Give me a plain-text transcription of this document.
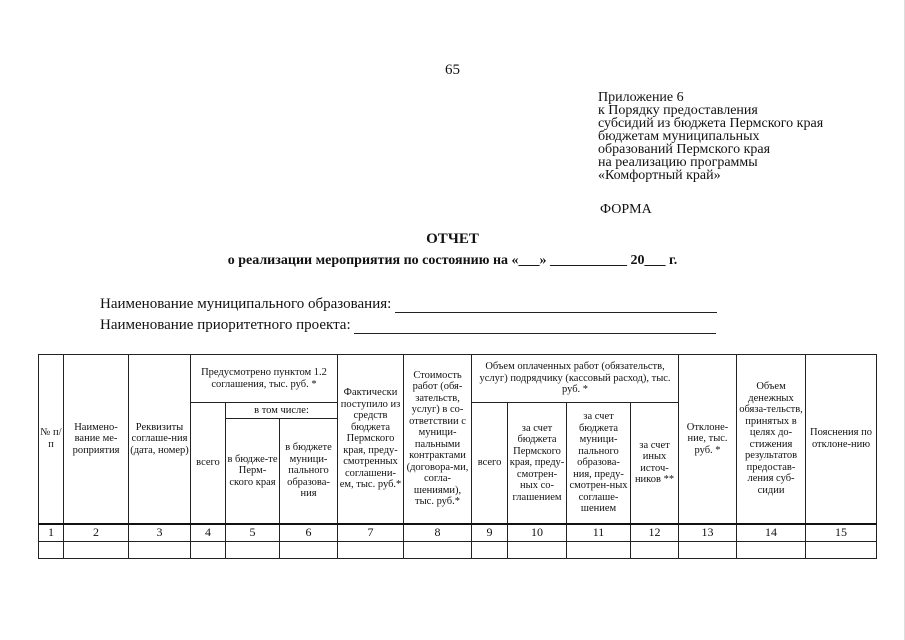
65
Приложение 6
к Порядку предоставления
субсидий из бюджета Пермского края
бюджетам муниципальных
образований Пермского края
на реализацию программы
«Комфортный край»
ФОРМА
ОТЧЕТ
о реализации мероприятия по состоянию на «___» ___________ 20___ г.
Наименование муниципального образования:
Наименование приоритетного проекта:
№ п/п	Наимено-вание ме-роприятия	Реквизиты соглаше-ния (дата, номер)	Предусмотрено пунктом 1.2 соглашения, тыс. руб. *			Фактически поступило из средств бюджета Пермского края, преду-смотренных соглашени-ем, тыс. руб.*	Стоимость работ (обя-зательств, услуг) в со-ответствии с муници-пальными контрактами (договора-ми, согла-шениями), тыс. руб.*	Объем оплаченных работ (обязательств, услуг) подрядчику (кассовый расход), тыс. руб. *				Отклоне-ние, тыс. руб. *	Объем денежных обяза-тельств, принятых в целях до-стижения результатов предостав-ления суб-сидии	Пояснения по отклоне-нию
			всего	в том числе:				всего	за счет бюджета Пермского края, преду-смотрен-ных со-глашением	за счет бюджета муници-пального образова-ния, преду-смотрен-ных соглаше-шением	за счет иных источ-ников **			
				в бюдже-те Перм-ского края	в бюджете муници-пального образова-ния									
1	2	3	4	5	6	7	8	9	10	11	12	13	14	15
